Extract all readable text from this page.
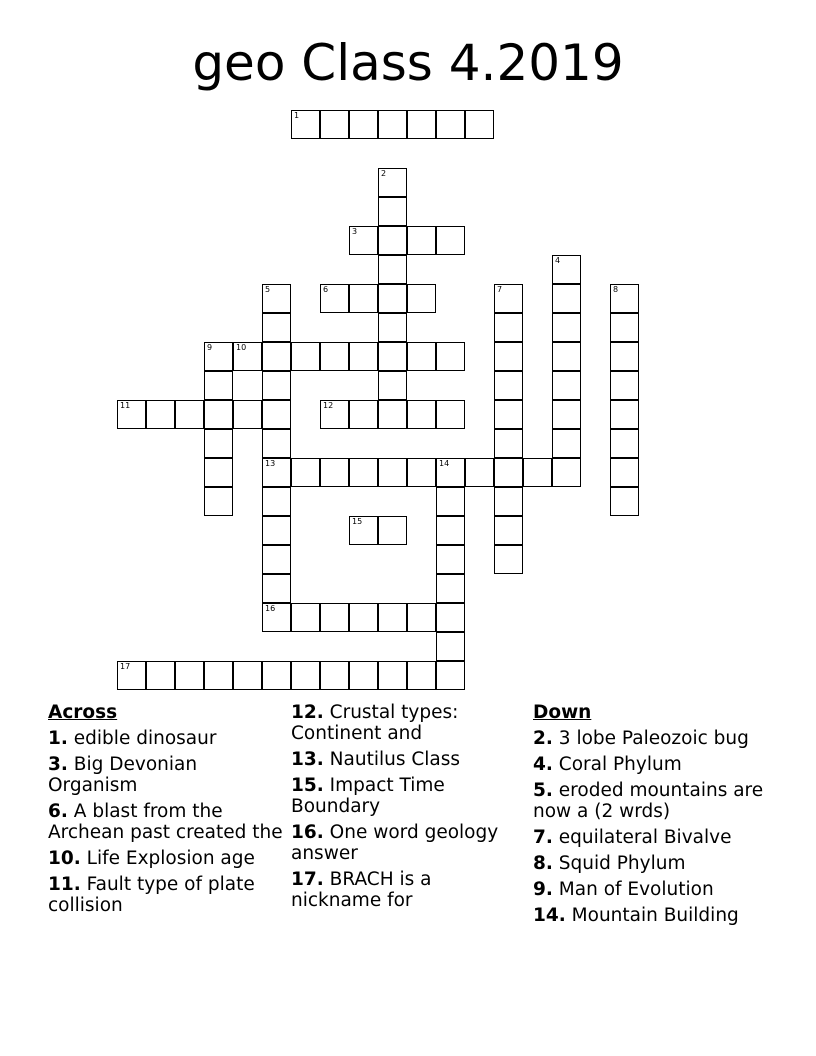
geo Class 4.2019
1
2
3
4
5
13
16
6	7	8
9	10
11	12
14
15
17
Across
1. edible dinosaur
3. Big Devonian Organism
6. A blast from the Archean past created the
10. Life Explosion age
11. Fault type of plate collision
12. Crustal types: Continent and
13. Nautilus Class
15. Impact Time Boundary
16. One word geology answer
17. BRACH is a nickname for
Down
2. 3 lobe Paleozoic bug
4. Coral Phylum
5. eroded mountains are now a (2 wrds)
7. equilateral Bivalve
8. Squid Phylum
9. Man of Evolution
14. Mountain Building
